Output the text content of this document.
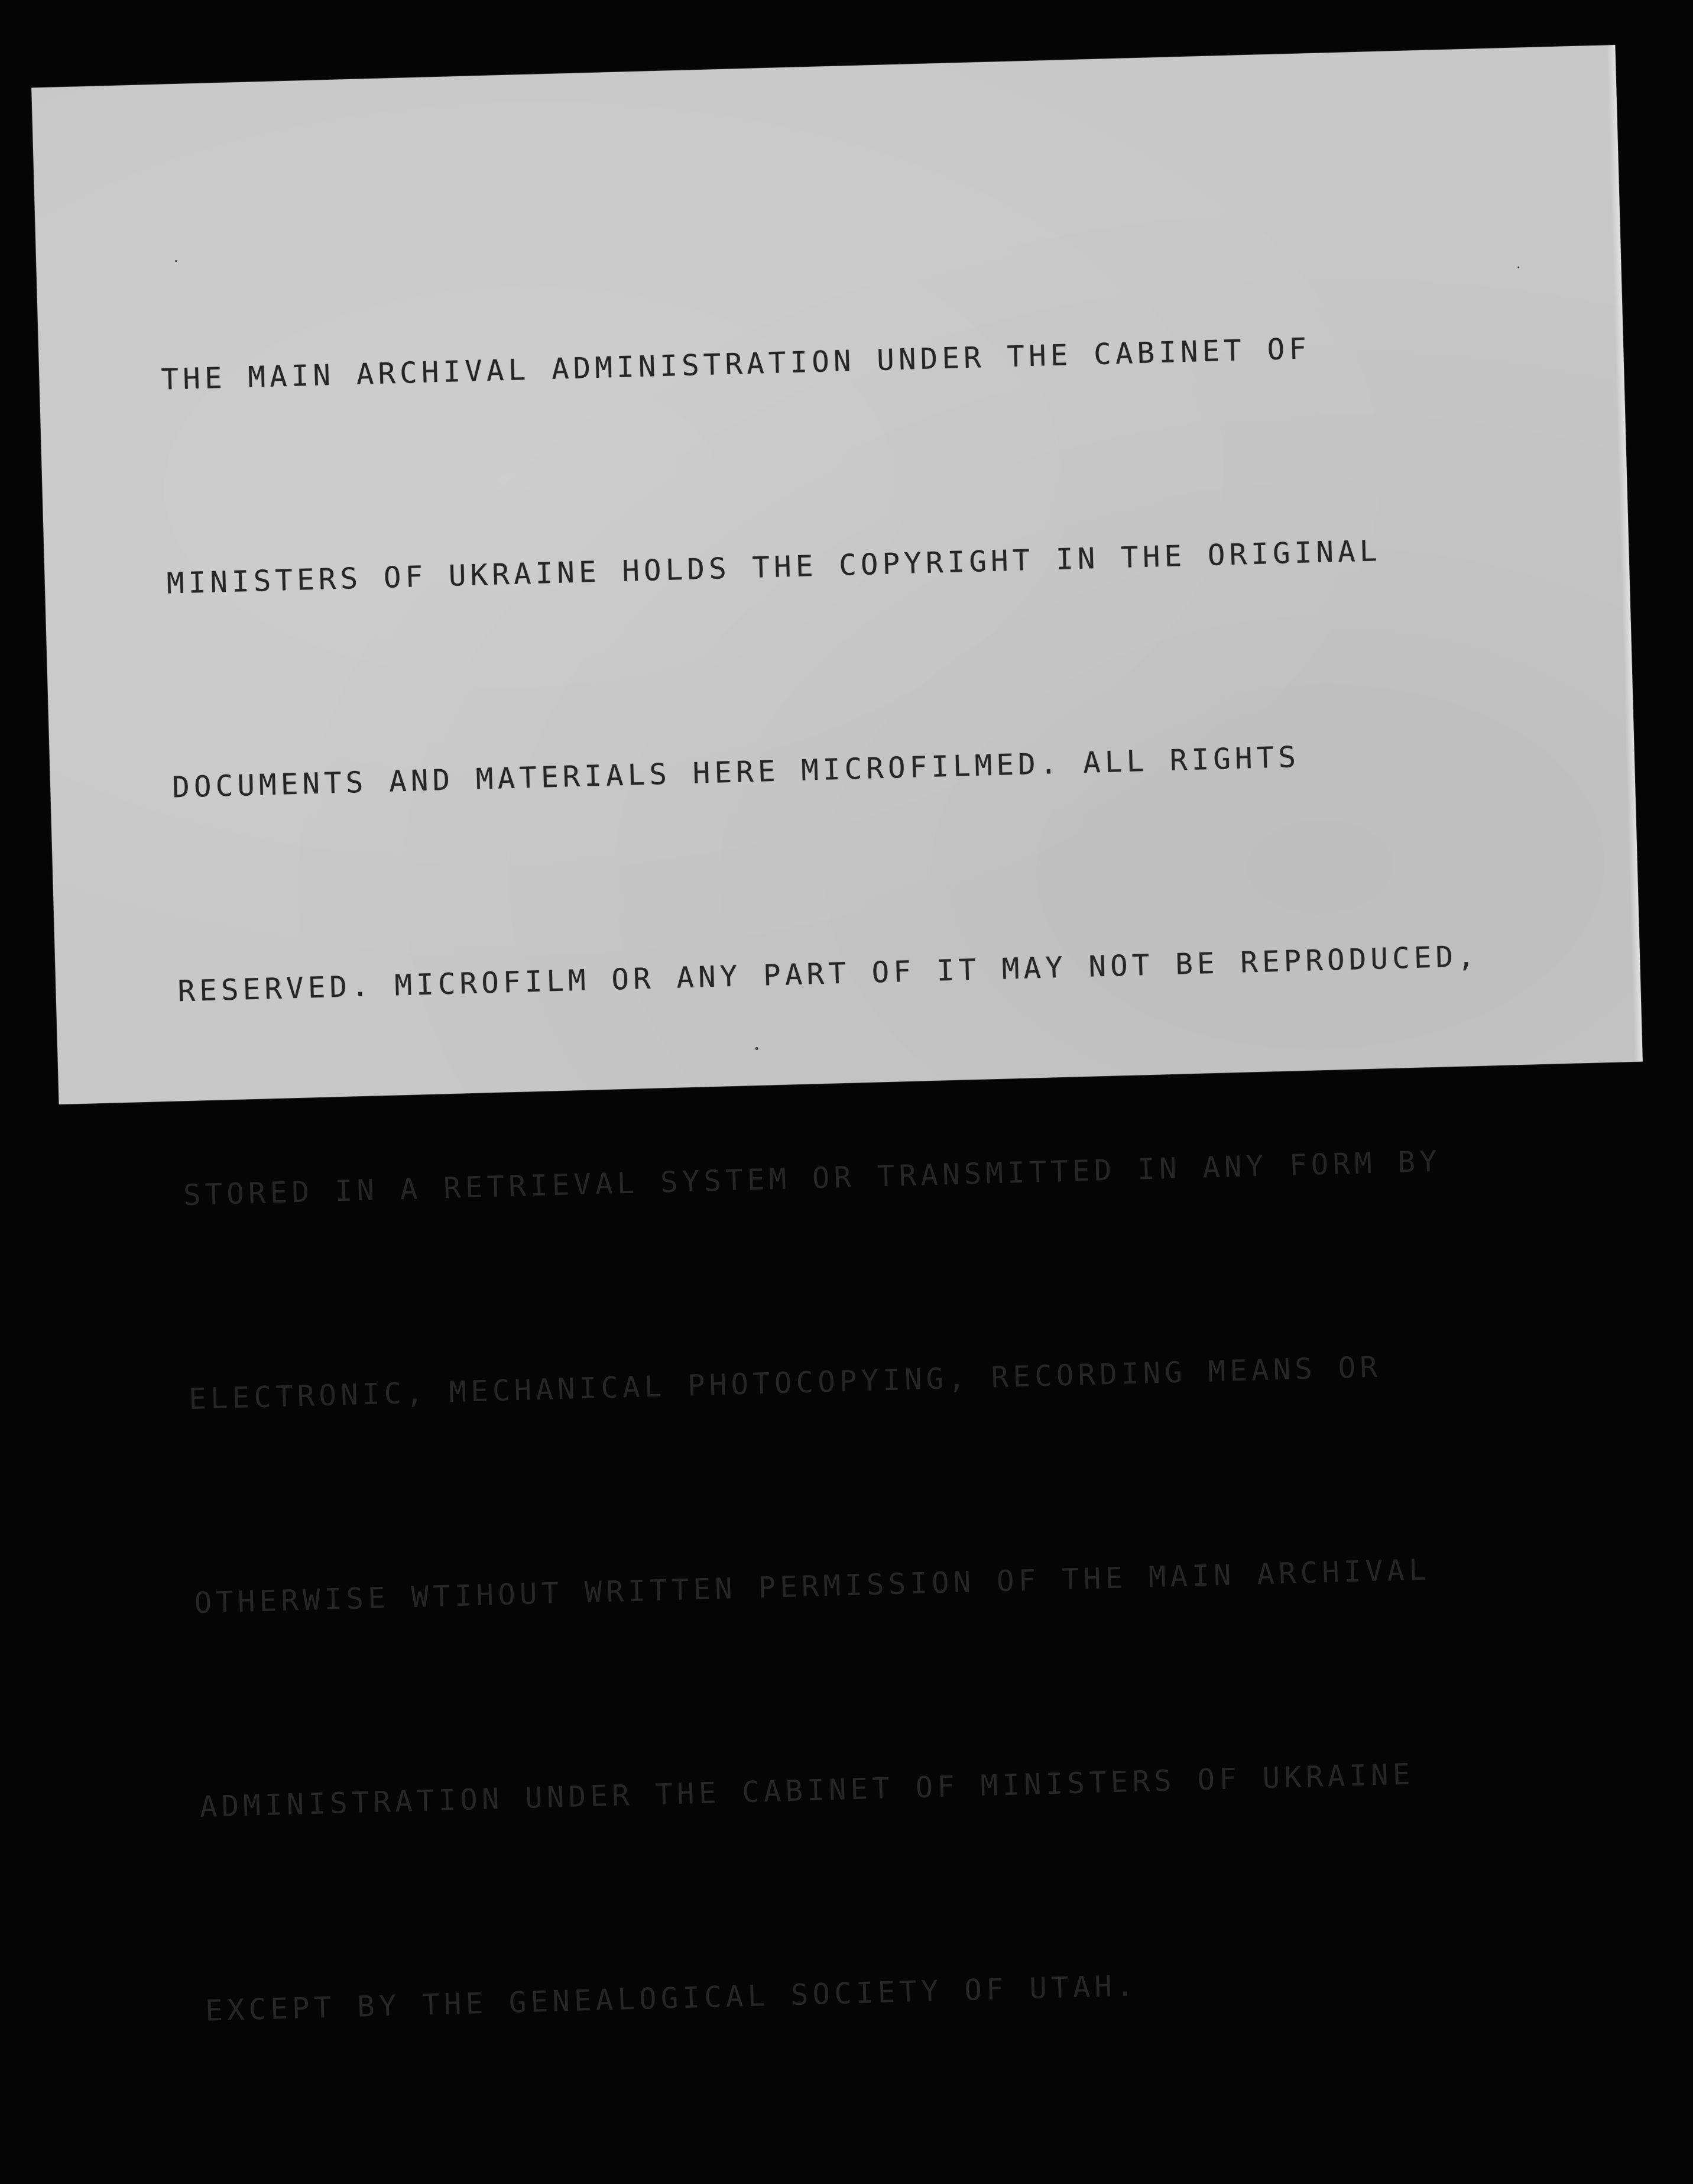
THE MAIN ARCHIVAL ADMINISTRATION UNDER THE CABINET OF

MINISTERS OF UKRAINE HOLDS THE COPYRIGHT IN THE ORIGINAL

DOCUMENTS AND MATERIALS HERE MICROFILMED. ALL RIGHTS

RESERVED. MICROFILM OR ANY PART OF IT MAY NOT BE REPRODUCED,

STORED IN A RETRIEVAL SYSTEM OR TRANSMITTED IN ANY FORM BY

ELECTRONIC, MECHANICAL PHOTOCOPYING, RECORDING MEANS OR

OTHERWISE WTIHOUT WRITTEN PERMISSION OF THE MAIN ARCHIVAL

ADMINISTRATION UNDER THE CABINET OF MINISTERS OF UKRAINE

EXCEPT BY THE GENEALOGICAL SOCIETY OF UTAH.
